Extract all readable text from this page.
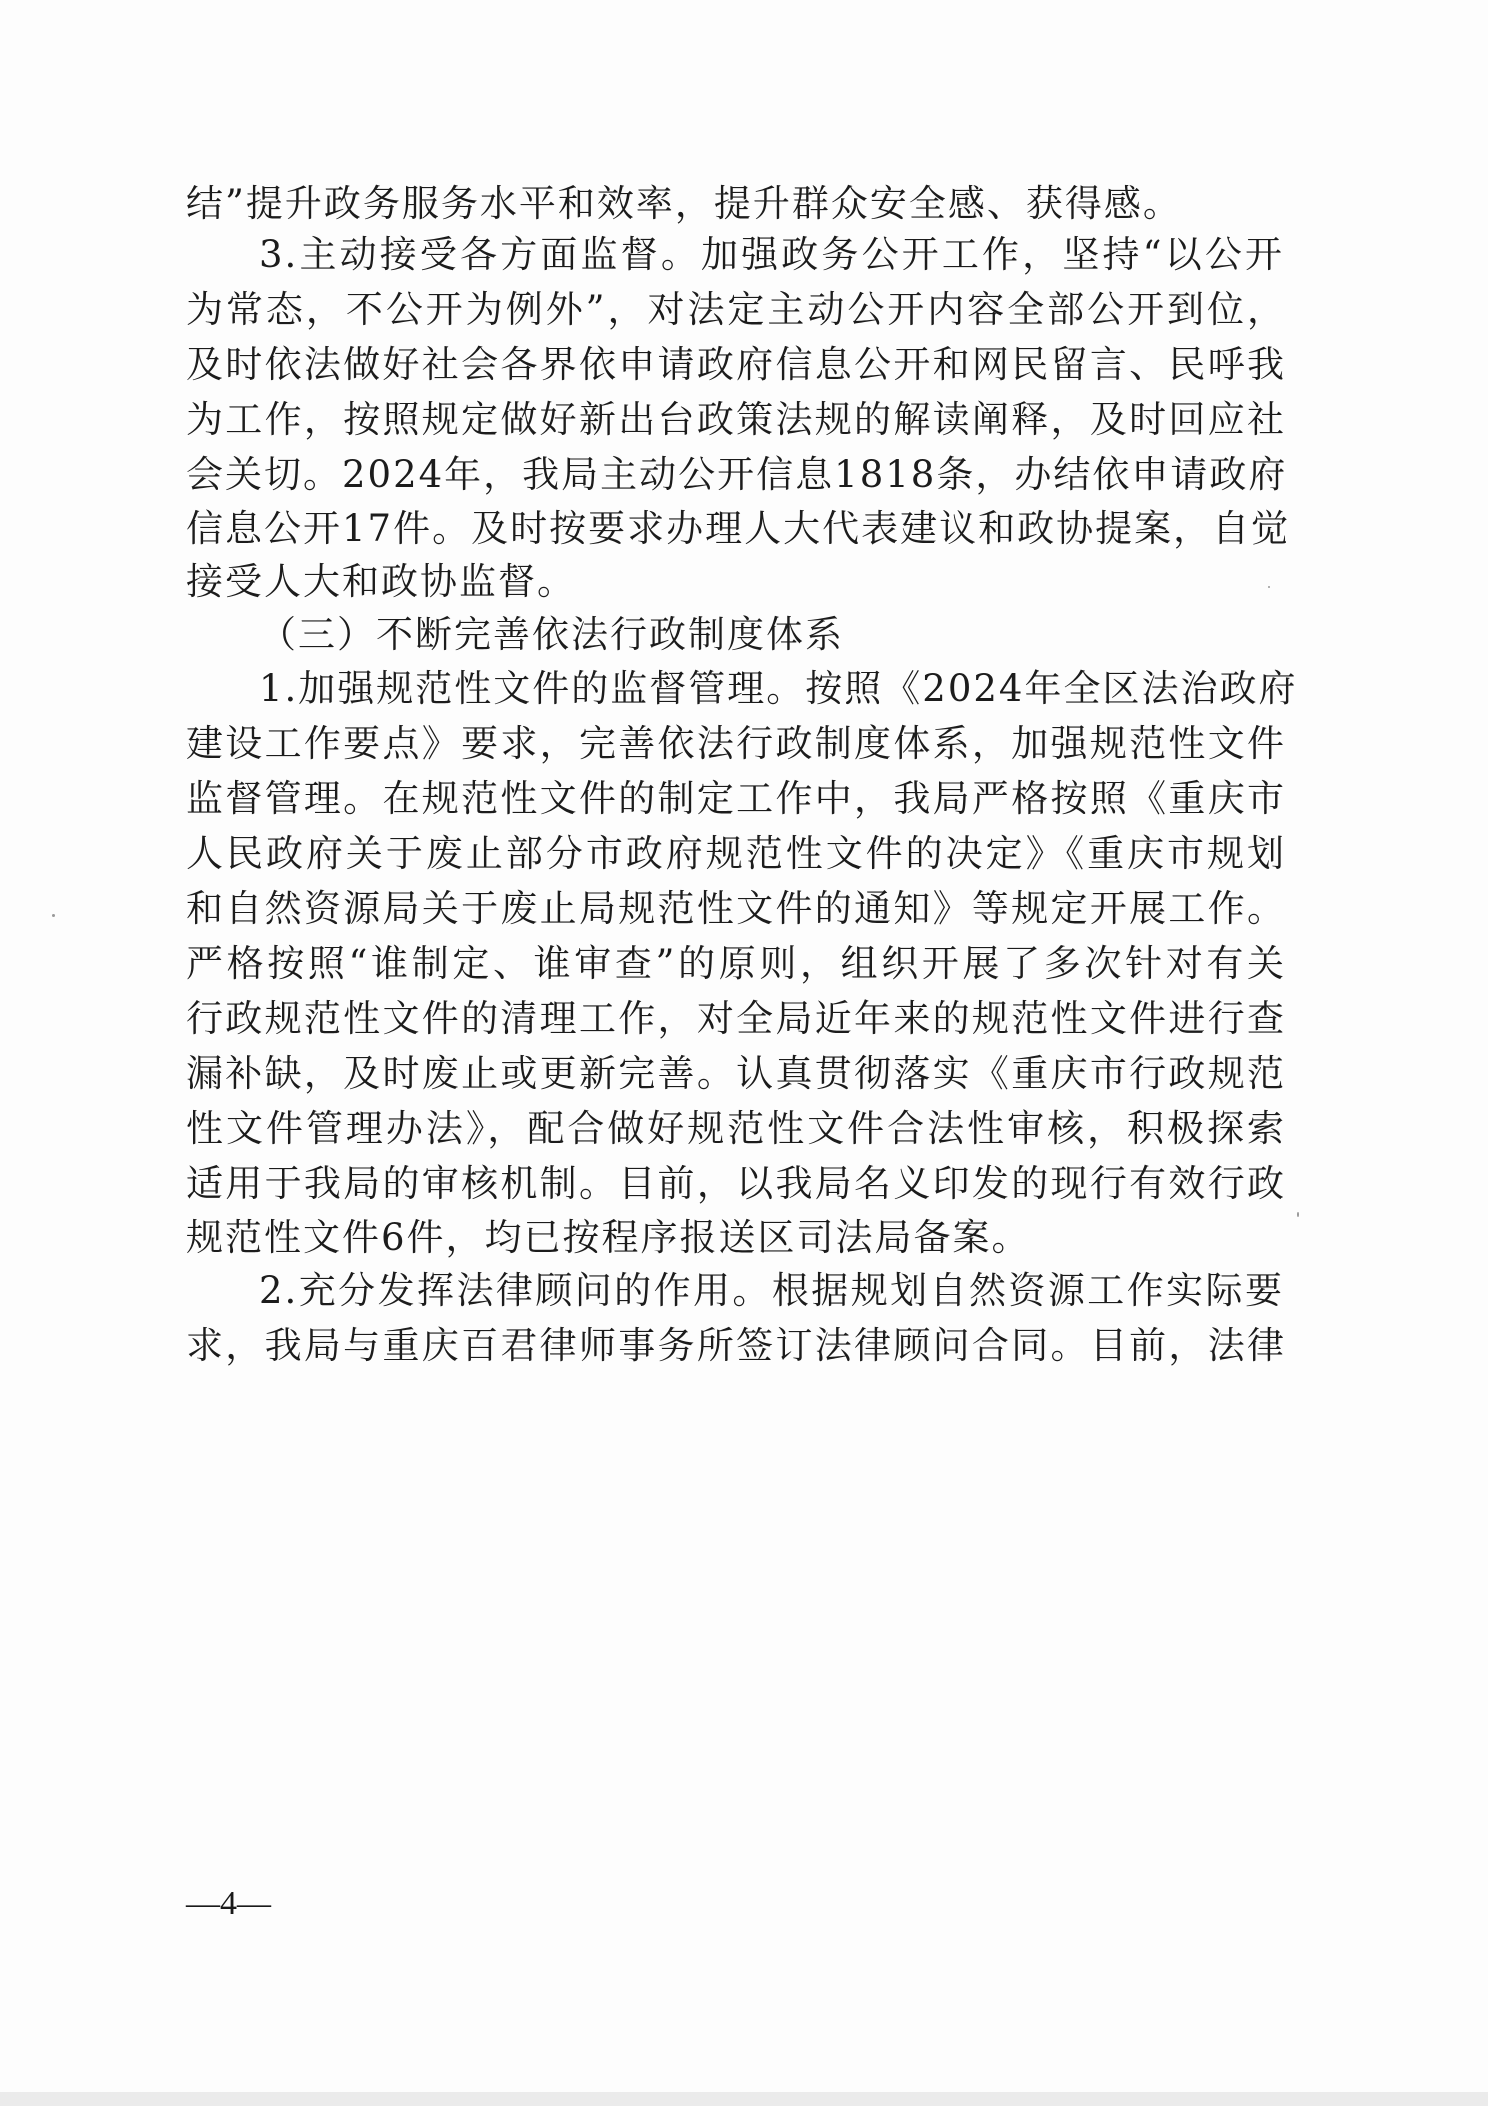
结”提升政务服务水平和效率，提升群众安全感、获得感。
3.主动接受各方面监督。加强政务公开工作，坚持“以公开
为常态，不公开为例外”，对法定主动公开内容全部公开到位，
及时依法做好社会各界依申请政府信息公开和网民留言、民呼我
为工作，按照规定做好新出台政策法规的解读阐释，及时回应社
会关切。2024年，我局主动公开信息1818条，办结依申请政府
信息公开17件。及时按要求办理人大代表建议和政协提案，自觉
接受人大和政协监督。
（三）不断完善依法行政制度体系
1.加强规范性文件的监督管理。按照《2024年全区法治政府
建设工作要点》要求，完善依法行政制度体系，加强规范性文件
监督管理。在规范性文件的制定工作中，我局严格按照《重庆市
人民政府关于废止部分市政府规范性文件的决定》《重庆市规划
和自然资源局关于废止局规范性文件的通知》等规定开展工作。
严格按照“谁制定、谁审查”的原则，组织开展了多次针对有关
行政规范性文件的清理工作，对全局近年来的规范性文件进行查
漏补缺，及时废止或更新完善。认真贯彻落实《重庆市行政规范
性文件管理办法》，配合做好规范性文件合法性审核，积极探索
适用于我局的审核机制。目前，以我局名义印发的现行有效行政
规范性文件6件，均已按程序报送区司法局备案。
2.充分发挥法律顾问的作用。根据规划自然资源工作实际要
求，我局与重庆百君律师事务所签订法律顾问合同。目前，法律
—4—
